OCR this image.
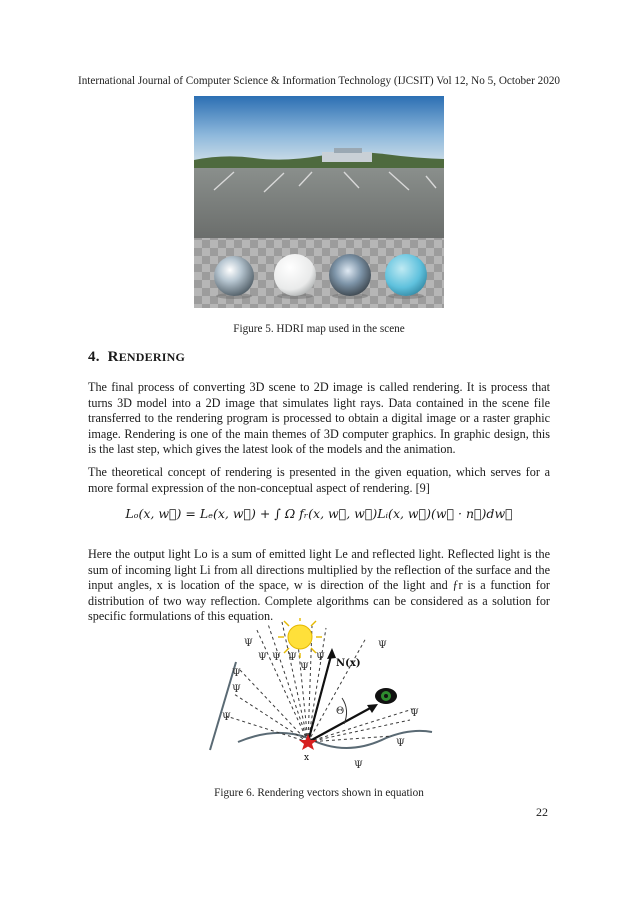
International Journal of Computer Science & Information Technology (IJCSIT) Vol 12, No 5, October 2020
Figure 5. HDRI map used in the scene
4. RENDERING

The final process of converting 3D scene to 2D image is called rendering. It is process that turns 3D model into a 2D image that simulates light rays. Data contained in the scene file transferred to the rendering program is processed to obtain a digital image or a raster graphic image. Rendering is one of the main themes of 3D computer graphics. In graphic design, this is the last step, which gives the latest look of the models and the animation.

The theoretical concept of rendering is presented in the given equation, which serves for a more formal expression of the non-conceptual aspect of rendering. [9]

Lₒ(x, w⃗) = Lₑ(x, w⃗) + ∫ Ω fᵣ(x, w⃗, w⃗)Lᵢ(x, w⃗)(w⃗ · n⃗)dw⃗

Here the output light Lo is a sum of emitted light Le and reflected light. Reflected light is the sum of incoming light Li from all directions multiplied by the reflection of the surface and the input angles, x is location of the space, w is direction of the light and ƒr is a function for distribution of two way reflection. Complete algorithms can be considered as a solution for specific formulations of this equation.

Θ
N(x)
x
Ψ
Ψ Ψ Ψ
Ψ
Ψ
Ψ
Ψ
Ψ
Ψ
Ψ
Ψ
Ψ
Figure 6. Rendering vectors shown in equation
22
